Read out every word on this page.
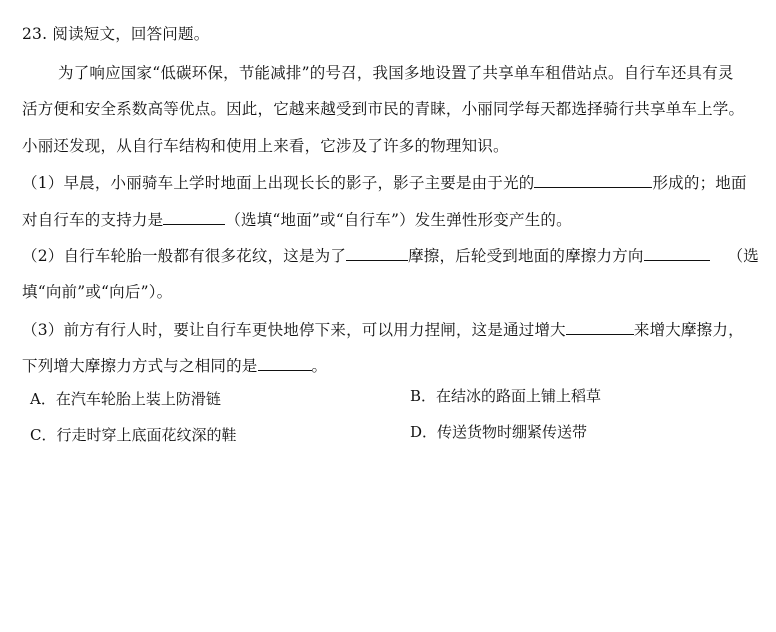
23. 阅读短文，回答问题。
为了响应国家“低碳环保，节能减排”的号召，我国多地设置了共享单车租借站点。自行车还具有灵
活方便和安全系数高等优点。因此，它越来越受到市民的青睐，小丽同学每天都选择骑行共享单车上学。
小丽还发现，从自行车结构和使用上来看，它涉及了许多的物理知识。
（1）早晨，小丽骑车上学时地面上出现长长的影子，影子主要是由于光的	形成的；地面
对自行车的支持力是	（选填“地面”或“自行车”）发生弹性形变产生的。
（2）自行车轮胎一般都有很多花纹，这是为了	摩擦，后轮受到地面的摩擦力方向	（选
填“向前”或“向后”）。
（3）前方有行人时，要让自行车更快地停下来，可以用力捏闸，这是通过增大	来增大摩擦力，
下列增大摩擦力方式与之相同的是	。
A．在汽车轮胎上装上防滑链	B．在结冰的路面上铺上稻草
C．行走时穿上底面花纹深的鞋	D．传送货物时绷紧传送带
